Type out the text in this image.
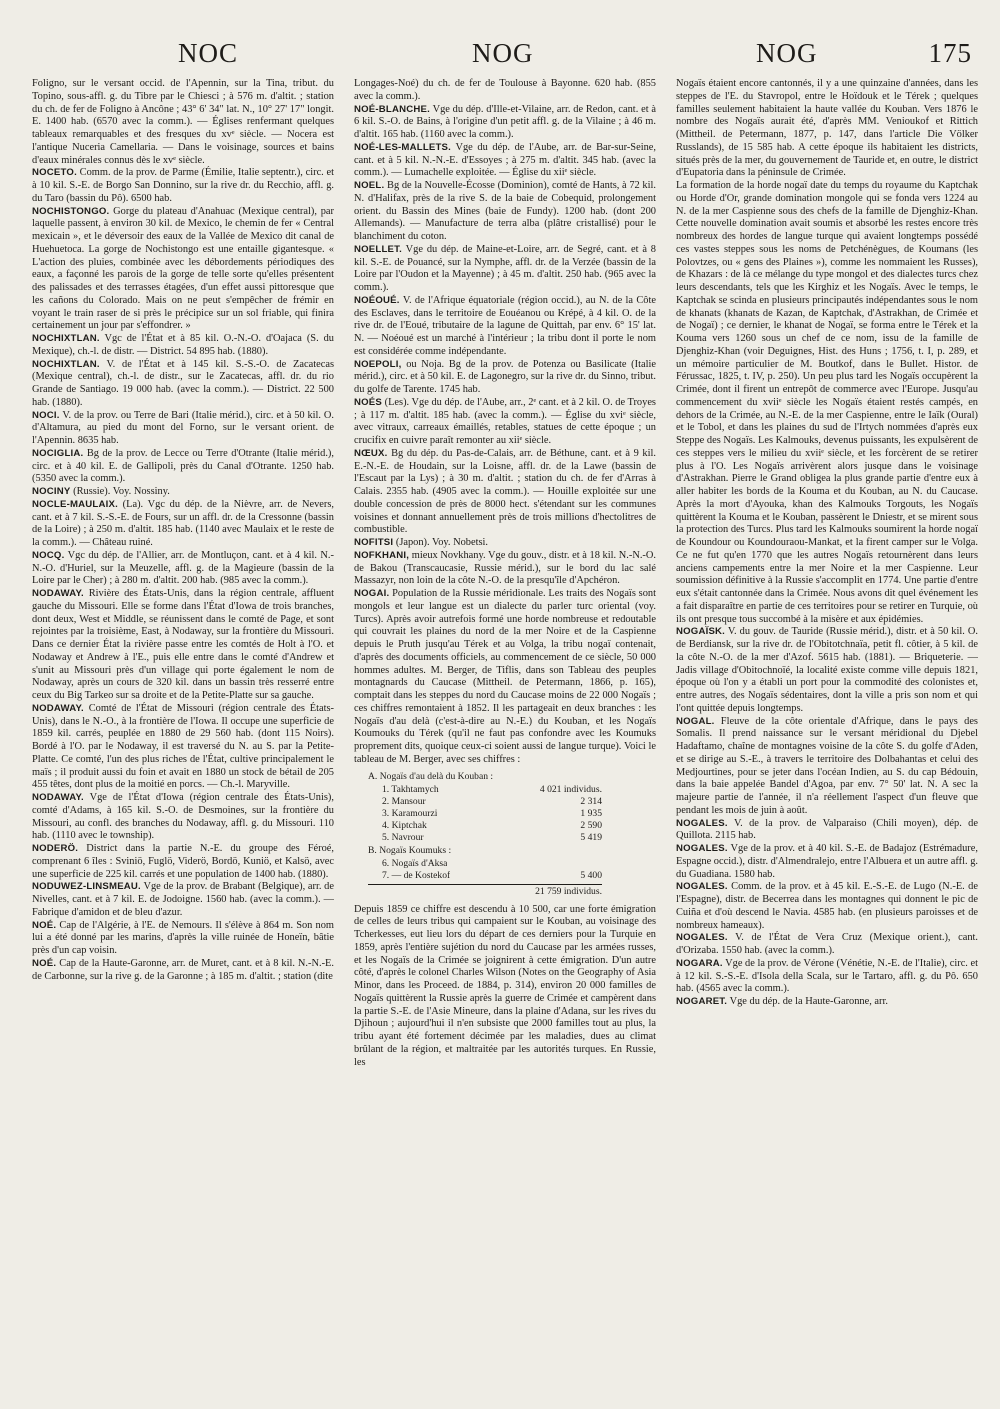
NOC	NOG	NOG	175

Foligno, sur le versant occid. de l'Apennin, sur la Tina, tribut. du Topino, sous-affl. g. du Tibre par le Chiesci ; à 576 m. d'altit. ; station du ch. de fer de Foligno à Ancône ; 43° 6' 34" lat. N., 10° 27' 17" longit. E. 1400 hab. (6570 avec la comm.). — Églises renfermant quelques tableaux remarquables et des fresques du xvᵉ siècle. — Nocera est l'antique Nuceria Camellaria. — Dans le voisinage, sources et bains d'eaux minérales connus dès le xvᵉ siècle.

NOCETO. Comm. de la prov. de Parme (Émilie, Italie septentr.), circ. et à 10 kil. S.-E. de Borgo San Donnino, sur la rive dr. du Recchio, affl. g. du Taro (bassin du Pô). 6500 hab.

NOCHISTONGO. Gorge du plateau d'Anahuac (Mexique central), par laquelle passent, à environ 30 kil. de Mexico, le chemin de fer « Central mexicain », et le déversoir des eaux de la Vallée de Mexico dit canal de Huehuetoca. La gorge de Nochistongo est une entaille gigantesque. « L'action des pluies, combinée avec les débordements périodiques des eaux, a façonné les parois de la gorge de telle sorte qu'elles présentent des palissades et des terrasses étagées, d'un effet aussi pittoresque que les cañons du Colorado. Mais on ne peut s'empêcher de frémir en voyant le train raser de si près le précipice sur un sol friable, qui finira certainement un jour par s'effondrer. »

NOCHIXTLAN. Vgc de l'État et à 85 kil. O.-N.-O. d'Oajaca (S. du Mexique), ch.-l. de distr. — District. 54 895 hab. (1880).

NOCHIXTLAN. V. de l'État et à 145 kil. S.-S.-O. de Zacatecas (Mexique central), ch.-l. de distr., sur le Zacatecas, affl. dr. du rio Grande de Santiago. 19 000 hab. (avec la comm.). — District. 22 500 hab. (1880).

NOCI. V. de la prov. ou Terre de Bari (Italie mérid.), circ. et à 50 kil. O. d'Altamura, au pied du mont del Forno, sur le versant orient. de l'Apennin. 8635 hab.

NOCIGLIA. Bg de la prov. de Lecce ou Terre d'Otrante (Italie mérid.), circ. et à 40 kil. E. de Gallipoli, près du Canal d'Otrante. 1250 hab. (5350 avec la comm.).

NOCINY (Russie). Voy. Nossiny.

NOCLE-MAULAIX. (La). Vgc du dép. de la Nièvre, arr. de Nevers, cant. et à 7 kil. S.-S.-E. de Fours, sur un affl. dr. de la Cressonne (bassin de la Loire) ; à 250 m. d'altit. 185 hab. (1140 avec Maulaix et le reste de la comm.). — Château ruiné.

NOCQ. Vgc du dép. de l'Allier, arr. de Montluçon, cant. et à 4 kil. N.-N.-O. d'Huriel, sur la Meuzelle, affl. g. de la Magieure (bassin de la Loire par le Cher) ; à 280 m. d'altit. 200 hab. (985 avec la comm.).

NODAWAY. Rivière des États-Unis, dans la région centrale, affluent gauche du Missouri. Elle se forme dans l'État d'Iowa de trois branches, dont deux, West et Middle, se réunissent dans le comté de Page, et sont rejointes par la troisième, East, à Nodaway, sur la frontière du Missouri. Dans ce dernier État la rivière passe entre les comtés de Holt à l'O. et Nodaway et Andrew à l'E., puis elle entre dans le comté d'Andrew et s'unit au Missouri près d'un village qui porte également le nom de Nodaway, après un cours de 320 kil. dans un bassin très resserré entre ceux du Big Tarkeo sur sa droite et de la Petite-Platte sur sa gauche.

NODAWAY. Comté de l'État de Missouri (région centrale des États-Unis), dans le N.-O., à la frontière de l'Iowa. Il occupe une superficie de 1859 kil. carrés, peuplée en 1880 de 29 560 hab. (dont 115 Noirs). Bordé à l'O. par le Nodaway, il est traversé du N. au S. par la Petite-Platte. Ce comté, l'un des plus riches de l'État, cultive principalement le maïs ; il produit aussi du foin et avait en 1880 un stock de bétail de 205 455 têtes, dont plus de la moitié en porcs. — Ch.-l. Maryville.

NODAWAY. Vge de l'État d'Iowa (région centrale des États-Unis), comté d'Adams, à 165 kil. S.-O. de Desmoines, sur la frontière du Missouri, au confl. des branches du Nodaway, affl. g. du Missouri. 110 hab. (1110 avec le township).

NODERÖ. District dans la partie N.-E. du groupe des Féroé, comprenant 6 îles : Sviniö, Fuglö, Viderö, Bordö, Kuniö, et Kalsö, avec une superficie de 225 kil. carrés et une population de 1400 hab. (1880).

NODUWEZ-LINSMEAU. Vge de la prov. de Brabant (Belgique), arr. de Nivelles, cant. et à 7 kil. E. de Jodoigne. 1560 hab. (avec la comm.). — Fabrique d'amidon et de bleu d'azur.

NOÉ. Cap de l'Algérie, à l'E. de Nemours. Il s'élève à 864 m. Son nom lui a été donné par les marins, d'après la ville ruinée de Honeïn, bâtie près d'un cap voisin.

NOÉ. Cap de la Haute-Garonne, arr. de Muret, cant. et à 8 kil. N.-N.-E. de Carbonne, sur la rive g. de la Garonne ; à 185 m. d'altit. ; station (dite

Longages-Noé) du ch. de fer de Toulouse à Bayonne. 620 hab. (855 avec la comm.).

NOÉ-BLANCHE. Vge du dép. d'Ille-et-Vilaine, arr. de Redon, cant. et à 6 kil. S.-O. de Bains, à l'origine d'un petit affl. g. de la Vilaine ; à 46 m. d'altit. 165 hab. (1160 avec la comm.).

NOÉ-LES-MALLETS. Vge du dép. de l'Aube, arr. de Bar-sur-Seine, cant. et à 5 kil. N.-N.-E. d'Essoyes ; à 275 m. d'altit. 345 hab. (avec la comm.). — Lumachelle exploitée. — Église du xiiᵉ siècle.

NOEL. Bg de la Nouvelle-Écosse (Dominion), comté de Hants, à 72 kil. N. d'Halifax, près de la rive S. de la baie de Cobequid, prolongement orient. du Bassin des Mines (baie de Fundy). 1200 hab. (dont 200 Allemands). — Manufacture de terra alba (plâtre cristallisé) pour le blanchiment du coton.

NOELLET. Vge du dép. de Maine-et-Loire, arr. de Segré, cant. et à 8 kil. S.-E. de Pouancé, sur la Nymphe, affl. dr. de la Verzée (bassin de la Loire par l'Oudon et la Mayenne) ; à 45 m. d'altit. 250 hab. (965 avec la comm.).

NOÉOUÉ. V. de l'Afrique équatoriale (région occid.), au N. de la Côte des Esclaves, dans le territoire de Eouéanou ou Krépé, à 4 kil. O. de la rive dr. de l'Eoué, tributaire de la lagune de Quittah, par env. 6° 15' lat. N. — Noéoué est un marché à l'intérieur ; la tribu dont il porte le nom est considérée comme indépendante.

NOEPOLI, ou Noja. Bg de la prov. de Potenza ou Basilicate (Italie mérid.), circ. et à 50 kil. E. de Lagonegro, sur la rive dr. du Sinno, tribut. du golfe de Tarente. 1745 hab.

NOÉS (Les). Vge du dép. de l'Aube, arr., 2ᵉ cant. et à 2 kil. O. de Troyes ; à 117 m. d'altit. 185 hab. (avec la comm.). — Église du xviᵉ siècle, avec vitraux, carreaux émaillés, retables, statues de cette époque ; un crucifix en cuivre paraît remonter au xiiᵉ siècle.

NŒUX. Bg du dép. du Pas-de-Calais, arr. de Béthune, cant. et à 9 kil. E.-N.-E. de Houdain, sur la Loisne, affl. dr. de la Lawe (bassin de l'Escaut par la Lys) ; à 30 m. d'altit. ; station du ch. de fer d'Arras à Calais. 2355 hab. (4905 avec la comm.). — Houille exploitée sur une double concession de près de 8000 hect. s'étendant sur les communes voisines et donnant annuellement près de trois millions d'hectolitres de combustible.

NOFITSI (Japon). Voy. Nobetsi.

NOFKHANI, mieux Novkhany. Vge du gouv., distr. et à 18 kil. N.-N.-O. de Bakou (Transcaucasie, Russie mérid.), sur le bord du lac salé Massazyr, non loin de la côte N.-O. de la presqu'île d'Apchéron.

NOGAI. Population de la Russie méridionale. Les traits des Nogaïs sont mongols et leur langue est un dialecte du parler turc oriental (voy. Turcs). Après avoir autrefois formé une horde nombreuse et redoutable qui couvrait les plaines du nord de la mer Noire et de la Caspienne depuis le Pruth jusqu'au Térek et au Volga, la tribu nogaï contenait, d'après des documents officiels, au commencement de ce siècle, 50 000 hommes adultes. M. Berger, de Tiflis, dans son Tableau des peuples montagnards du Caucase (Mittheil. de Petermann, 1866, p. 165), comptait dans les steppes du nord du Caucase moins de 22 000 Nogaïs ; ces chiffres remontaient à 1852. Il les partageait en deux branches : les Nogaïs d'au delà (c'est-à-dire au N.-E.) du Kouban, et les Nogaïs Koumouks du Térek (qu'il ne faut pas confondre avec les Koumuks proprement dits, quoique ceux-ci soient aussi de langue turque). Voici le tableau de M. Berger, avec ses chiffres :

A. Nogaïs d'au delà du Kouban :
1. Takhtamych	4 021 individus.
2. Mansour	2 314
3. Karamourzi	1 935
4. Kiptchak	2 590
5. Navrour	5 419
B. Nogaïs Koumuks :
6. Nogaïs d'Aksa
7. — de Kostekof	5 400
21 759 individus.

Depuis 1859 ce chiffre est descendu à 10 500, car une forte émigration de celles de leurs tribus qui campaient sur le Kouban, au voisinage des Tcherkesses, eut lieu lors du départ de ces derniers pour la Turquie en 1859, après l'entière sujétion du nord du Caucase par les armées russes, et les Nogaïs de la Crimée se joignirent à cette émigration. D'un autre côté, d'après le colonel Charles Wilson (Notes on the Geography of Asia Minor, dans les Proceed. de 1884, p. 314), environ 20 000 familles de Nogaïs quittèrent la Russie après la guerre de Crimée et campèrent dans la partie S.-E. de l'Asie Mineure, dans la plaine d'Adana, sur les rives du Djihoun ; aujourd'hui il n'en subsiste que 2000 familles tout au plus, la tribu ayant été fortement décimée par les maladies, dues au climat brûlant de la région, et maltraitée par les autorités turques. En Russie, les

Nogaïs étaient encore cantonnés, il y a une quinzaine d'années, dans les steppes de l'E. du Stavropol, entre le Hoïdouk et le Térek ; quelques familles seulement habitaient la haute vallée du Kouban. Vers 1876 le nombre des Nogaïs aurait été, d'après MM. Venioukof et Rittich (Mittheil. de Petermann, 1877, p. 147, dans l'article Die Völker Russlands), de 15 585 hab. A cette époque ils habitaient les districts, situés près de la mer, du gouvernement de Tauride et, en outre, le district d'Eupatoria dans la péninsule de Crimée.

La formation de la horde nogaï date du temps du royaume du Kaptchak ou Horde d'Or, grande domination mongole qui se fonda vers 1224 au N. de la mer Caspienne sous des chefs de la famille de Djenghiz-Khan. Cette nouvelle domination avait soumis et absorbé les restes encore très nombreux des hordes de langue turque qui avaient longtemps possédé ces vastes steppes sous les noms de Petchénègues, de Koumans (les Polovtzes, ou « gens des Plaines »), comme les nommaient les Russes), de Khazars : de là ce mélange du type mongol et des dialectes turcs chez leurs descendants, tels que les Kirghiz et les Nogaïs. Avec le temps, le Kaptchak se scinda en plusieurs principautés indépendantes sous le nom de khanats (khanats de Kazan, de Kaptchak, d'Astrakhan, de Crimée et de Nogaï) ; ce dernier, le khanat de Nogaï, se forma entre le Térek et la Kouma vers 1260 sous un chef de ce nom, issu de la famille de Djenghiz-Khan (voir Deguignes, Hist. des Huns ; 1756, t. I, p. 289, et un mémoire particulier de M. Boutkof, dans le Bullet. Histor. de Férussac, 1825, t. IV, p. 250). Un peu plus tard les Nogaïs occupèrent la Crimée, dont il firent un entrepôt de commerce avec l'Europe. Jusqu'au commencement du xviiᵉ siècle les Nogaïs étaient restés campés, en dehors de la Crimée, au N.-E. de la mer Caspienne, entre le Iaïk (Oural) et le Tobol, et dans les plaines du sud de l'Irtych nommées d'après eux Steppe des Nogaïs. Les Kalmouks, devenus puissants, les expulsèrent de ces steppes vers le milieu du xviiᵉ siècle, et les forcèrent de se retirer plus à l'O. Les Nogaïs arrivèrent alors jusque dans le voisinage d'Astrakhan. Pierre le Grand obligea la plus grande partie d'entre eux à aller habiter les bords de la Kouma et du Kouban, au N. du Caucase. Après la mort d'Ayouka, khan des Kalmouks Torgouts, les Nogaïs quittèrent la Kouma et le Kouban, passèrent le Dniestr, et se mirent sous la protection des Turcs. Plus tard les Kalmouks soumirent la horde nogaï de Koundour ou Koundouraou-Mankat, et la firent camper sur le Volga. Ce ne fut qu'en 1770 que les autres Nogaïs retournèrent dans leurs anciens campements entre la mer Noire et la mer Caspienne. Leur soumission définitive à la Russie s'accomplit en 1774. Une partie d'entre eux s'était cantonnée dans la Crimée. Nous avons dit quel événement les a fait disparaître en partie de ces territoires pour se retirer en Turquie, où ils ont presque tous succombé à la misère et aux épidémies.

NOGAÏSK. V. du gouv. de Tauride (Russie mérid.), distr. et à 50 kil. O. de Berdiansk, sur la rive dr. de l'Obitotchnaïa, petit fl. côtier, à 5 kil. de la côte N.-O. de la mer d'Azof. 5615 hab. (1881). — Briqueterie. — Jadis village d'Obitochnoïé, la localité existe comme ville depuis 1821, époque où l'on y a établi un port pour la commodité des colonistes et, entre autres, des Nogaïs sédentaires, dont la ville a pris son nom et qui l'ont quittée depuis longtemps.

NOGAL. Fleuve de la côte orientale d'Afrique, dans le pays des Somalis. Il prend naissance sur le versant méridional du Djebel Hadaftamo, chaîne de montagnes voisine de la côte S. du golfe d'Aden, et se dirige au S.-E., à travers le territoire des Dolbahantas et celui des Medjourtines, pour se jeter dans l'océan Indien, au S. du cap Bédouin, dans la baie appelée Bandel d'Agoa, par env. 7° 50' lat. N. A sec la majeure partie de l'année, il n'a réellement l'aspect d'un fleuve que pendant les mois de juin à août.

NOGALES. V. de la prov. de Valparaiso (Chili moyen), dép. de Quillota. 2115 hab.

NOGALES. Vge de la prov. et à 40 kil. S.-E. de Badajoz (Estrémadure, Espagne occid.), distr. d'Almendralejo, entre l'Albuera et un autre affl. g. du Guadiana. 1580 hab.

NOGALES. Comm. de la prov. et à 45 kil. E.-S.-E. de Lugo (N.-E. de l'Espagne), distr. de Becerrea dans les montagnes qui donnent le pic de Cuiña et d'où descend le Navia. 4585 hab. (en plusieurs paroisses et de nombreux hameaux).

NOGALES. V. de l'État de Vera Cruz (Mexique orient.), cant. d'Orizaba. 1550 hab. (avec la comm.).

NOGARA. Vge de la prov. de Vérone (Vénétie, N.-E. de l'Italie), circ. et à 12 kil. S.-S.-E. d'Isola della Scala, sur le Tartaro, affl. g. du Pô. 650 hab. (4565 avec la comm.).

NOGARET. Vge du dép. de la Haute-Garonne, arr.
